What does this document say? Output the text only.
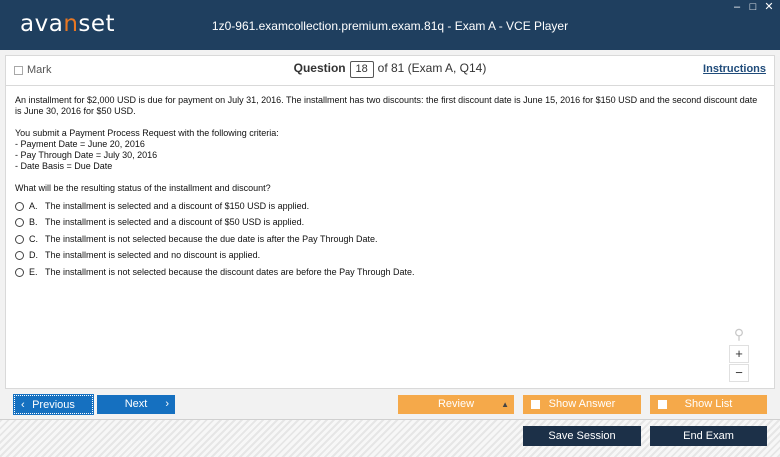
avanset	1z0-961.examcollection.premium.exam.81q - Exam A - VCE Player
– □ ✕
Mark	Question 18 of 81 (Exam A, Q14)	Instructions

An installment for $2,000 USD is due for payment on July 31, 2016. The installment has two discounts: the first discount date is June 15, 2016 for $150 USD and the second discount date is June 30, 2016 for $50 USD.

You submit a Payment Process Request with the following criteria:
- Payment Date = June 20, 2016
- Pay Through Date = July 30, 2016
- Date Basis = Due Date

What will be the resulting status of the installment and discount?

A. The installment is selected and a discount of $150 USD is applied.
B. The installment is selected and a discount of $50 USD is applied.
C. The installment is not selected because the due date is after the Pay Through Date.
D. The installment is selected and no discount is applied.
E. The installment is not selected because the discount dates are before the Pay Through Date.
⚲
+
−
‹ Previous	Next ›	Review	▲	Show Answer	Show List
Save Session	End Exam
